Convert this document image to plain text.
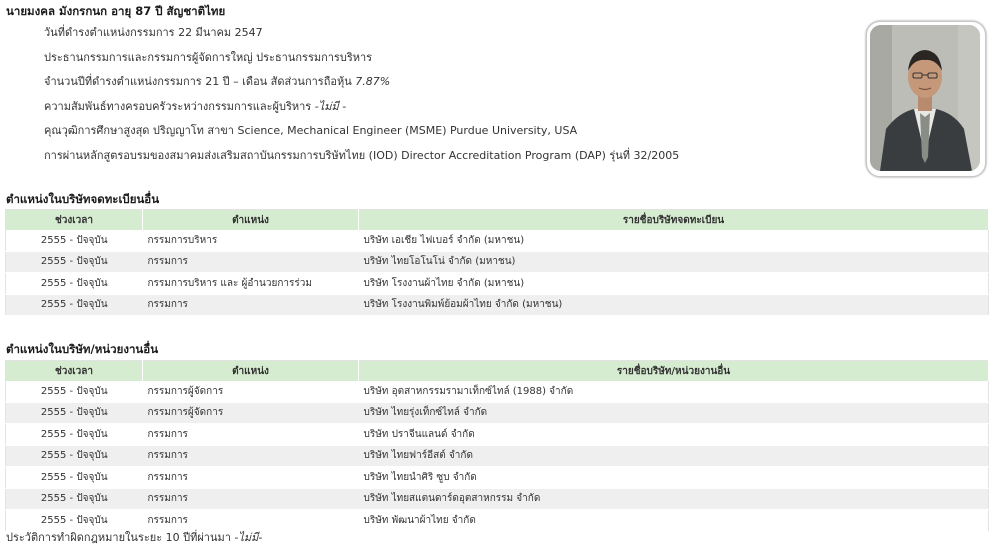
นายมงคล มังกรกนก อายุ 87 ปี สัญชาติไทย
วันที่ดำรงตำแหน่งกรรมการ 22 มีนาคม 2547
ประธานกรรมการและกรรมการผู้จัดการใหญ่ ประธานกรรมการบริหาร
จำนวนปีที่ดำรงตำแหน่งกรรมการ 21 ปี – เดือน สัดส่วนการถือหุ้น 7.87%
ความสัมพันธ์ทางครอบครัวระหว่างกรรมการและผู้บริหาร -ไม่มี -
คุณวุฒิการศึกษาสูงสุด ปริญญาโท สาขา Science, Mechanical Engineer (MSME) Purdue University, USA
การผ่านหลักสูตรอบรมของสมาคมส่งเสริมสถาบันกรรมการบริษัทไทย (IOD) Director Accreditation Program (DAP) รุ่นที่ 32/2005
ตำแหน่งในบริษัทจดทะเบียนอื่น
ช่วงเวลา	ตำแหน่ง	รายชื่อบริษัทจดทะเบียน
2555 - ปัจจุบัน	กรรมการบริหาร	บริษัท เอเชีย ไฟเบอร์ จำกัด (มหาชน)
2555 - ปัจจุบัน	กรรมการ	บริษัท ไทยโอโนโน่ จำกัด (มหาชน)
2555 - ปัจจุบัน	กรรมการบริหาร และ ผู้อำนวยการร่วม	บริษัท โรงงานผ้าไทย จำกัด (มหาชน)
2555 - ปัจจุบัน	กรรมการ	บริษัท โรงงานพิมพ์ย้อมผ้าไทย จำกัด (มหาชน)
ตำแหน่งในบริษัท/หน่วยงานอื่น
ช่วงเวลา	ตำแหน่ง	รายชื่อบริษัท/หน่วยงานอื่น
2555 - ปัจจุบัน	กรรมการผู้จัดการ	บริษัท อุตสาหกรรมรามาเท็กซ์ไทล์ (1988) จำกัด
2555 - ปัจจุบัน	กรรมการผู้จัดการ	บริษัท ไทยรุ่งเท็กซ์ไทล์ จำกัด
2555 - ปัจจุบัน	กรรมการ	บริษัท ปราจีนแลนด์ จำกัด
2555 - ปัจจุบัน	กรรมการ	บริษัท ไทยฟาร์อีสต์ จำกัด
2555 - ปัจจุบัน	กรรมการ	บริษัท ไทยนำศิริ ซูบ จำกัด
2555 - ปัจจุบัน	กรรมการ	บริษัท ไทยสแตนดาร์ดอุตสาหกรรม จำกัด
2555 - ปัจจุบัน	กรรมการ	บริษัท พัฒนาผ้าไทย จำกัด
ประวัติการทำผิดกฎหมายในระยะ 10 ปีที่ผ่านมา -ไม่มี-
